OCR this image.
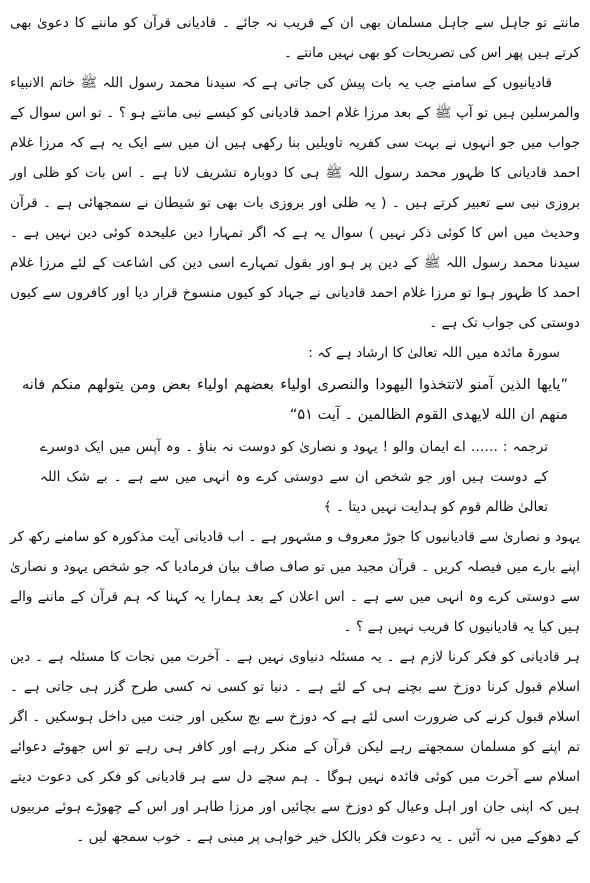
مانتے تو جاہل سے جاہل مسلمان بھی ان کے قریب نہ جائے ۔ قادیانی قرآن کو ماننے کا دعویٰ بھی کرتے ہیں پھر اس کی تصریحات کو بھی نہیں مانتے ۔

قادیانیوں کے سامنے جب یہ بات پیش کی جاتی ہے کہ سیدنا محمد رسول اللہ ﷺ خاتم الانبیاء والمرسلین ہیں تو آپ ﷺ کے بعد مرزا غلام احمد قادیانی کو کیسے نبی مانتے ہو ؟ ۔ تو اس سوال کے جواب میں جو انہوں نے بہت سی کفریہ تاویلیں بنا رکھی ہیں ان میں سے ایک یہ ہے کہ مرزا غلام احمد قادیانی کا ظہور محمد رسول اللہ ﷺ ہی کا دوبارہ تشریف لانا ہے ۔ اس بات کو ظلی اور بروزی نبی سے تعبیر کرتے ہیں ۔ ( یہ ظلی اور بروزی بات بھی تو شیطان نے سمجھائی ہے ۔ قرآن وحدیث میں اس کا کوئی ذکر نہیں ) سوال یہ ہے کہ اگر تمہارا دین علیحدہ کوئی دین نہیں ہے ۔ سیدنا محمد رسول اللہ ﷺ کے دین پر ہو اور بقول تمہارے اسی دین کی اشاعت کے لئے مرزا غلام احمد کا ظہور ہوا تو مرزا غلام احمد قادیانی نے جہاد کو کیوں منسوخ قرار دیا اور کافروں سے کیوں دوستی کی جواب تک ہے ۔

سورۃ مائدہ میں اللہ تعالیٰ کا ارشاد ہے کہ :

”یایها الذین آمنو لاتتخذوا الیهودا والنصری اولیاء بعضهم اولیاء بعض ومن یتولهم منکم فانه منهم ان الله لایهدی القوم الظالمین ۔ آیت ۵۱“

ترجمہ : …… اے ایمان والو ! یہود و نصاریٰ کو دوست نہ بناؤ ۔ وہ آپس میں ایک دوسرے کے دوست ہیں اور جو شخص ان سے دوستی کرے وہ انہی میں سے ہے ۔ بے شک اللہ تعالیٰ ظالم قوم کو ہدایت نہیں دیتا ۔ ﴾

یہود و نصاریٰ سے قادیانیوں کا جوڑ معروف و مشہور ہے ۔ اب قادیانی آیت مذکورہ کو سامنے رکھ کر اپنے بارے میں فیصلہ کریں ۔ قرآن مجید میں تو صاف صاف بیان فرمادیا کہ جو شخص یہود و نصاریٰ سے دوستی کرے وہ انہی میں سے ہے ۔ اس اعلان کے بعد ہمارا یہ کہنا کہ ہم قرآن کے ماننے والے ہیں کیا یہ قادیانیوں کا فریب نہیں ہے ؟ ۔

ہر قادیانی کو فکر کرنا لازم ہے ۔ یہ مسئلہ دنیاوی نہیں ہے ۔ آخرت میں نجات کا مسئلہ ہے ۔ دین اسلام قبول کرنا دوزخ سے بچنے ہی کے لئے ہے ۔ دنیا تو کسی نہ کسی طرح گزر ہی جاتی ہے ۔ اسلام قبول کرنے کی ضرورت اسی لئے ہے کہ دوزخ سے بچ سکیں اور جنت میں داخل ہوسکیں ۔ اگر تم اپنے کو مسلمان سمجھتے رہے لیکن قرآن کے منکر رہے اور کافر ہی رہے تو اس جھوٹے دعوائے اسلام سے آخرت میں کوئی فائدہ نہیں ہوگا ۔ ہم سچے دل سے ہر قادیانی کو فکر کی دعوت دیتے ہیں کہ اپنی جان اور اہل وعیال کو دوزخ سے بچائیں اور مرزا طاہر اور اس کے چھوڑے ہوئے مربیوں کے دھوکے میں نہ آئیں ۔ یہ دعوت فکر بالکل خیر خواہی پر مبنی ہے ۔ خوب سمجھ لیں ۔
